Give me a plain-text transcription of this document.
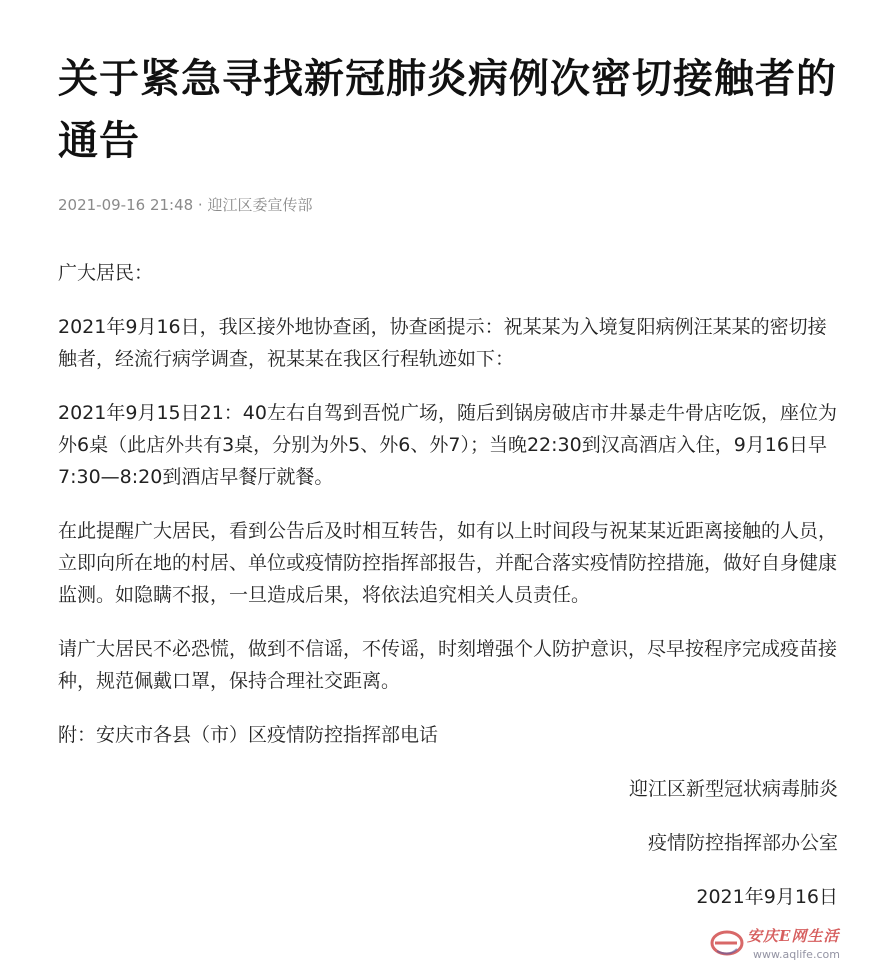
关于紧急寻找新冠肺炎病例次密切接触者的通告
2021-09-16 21:48 · 迎江区委宣传部

广大居民：

2021年9月16日，我区接外地协查函，协查函提示：祝某某为入境复阳病例汪某某的密切接触者，经流行病学调查，祝某某在我区行程轨迹如下：

2021年9月15日21：40左右自驾到吾悦广场，随后到锅房破店市井暴走牛骨店吃饭，座位为外6桌（此店外共有3桌，分别为外5、外6、外7）；当晚22:30到汉高酒店入住，9月16日早7:30—8:20到酒店早餐厅就餐。

在此提醒广大居民，看到公告后及时相互转告，如有以上时间段与祝某某近距离接触的人员，立即向所在地的村居、单位或疫情防控指挥部报告，并配合落实疫情防控措施，做好自身健康监测。如隐瞒不报，一旦造成后果，将依法追究相关人员责任。

请广大居民不必恐慌，做到不信谣，不传谣，时刻增强个人防护意识，尽早按程序完成疫苗接种，规范佩戴口罩，保持合理社交距离。

附：安庆市各县（市）区疫情防控指挥部电话

迎江区新型冠状病毒肺炎
疫情防控指挥部办公室
2021年9月16日
安庆E网生活
www.aqlife.com
